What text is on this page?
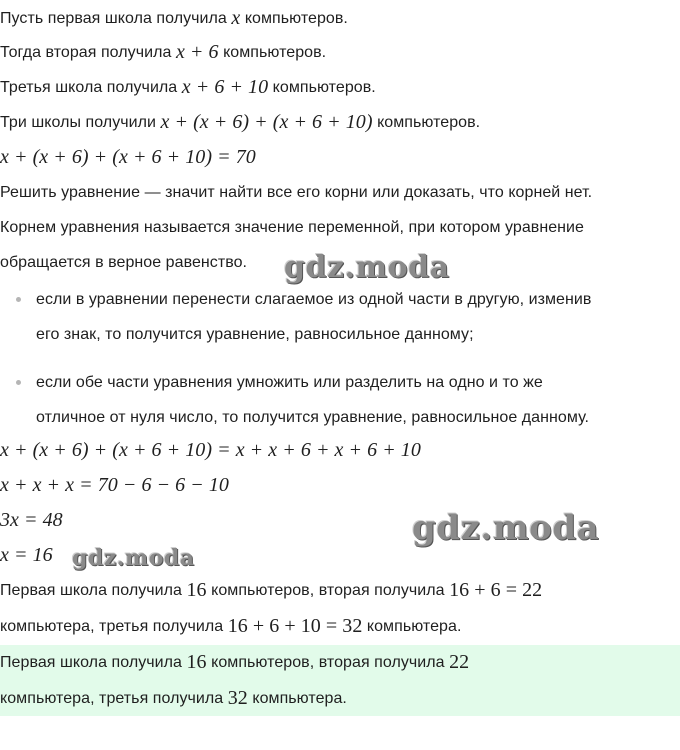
Пусть первая школа получила
x
компьютеров.
Тогда вторая получила
x + 6
компьютеров.
Третья школа получила
x + 6 + 10
компьютеров.
Три школы получили
x + (x + 6) + (x + 6 + 10)
компьютеров.
x + (x + 6) + (x + 6 + 10) = 70
Решить уравнение — значит найти все его корни или доказать, что корней нет.
Корнем уравнения называется значение переменной, при котором уравнение
обращается в верное равенство.
если в уравнении перенести слагаемое из одной части в другую, изменив
его знак, то получится уравнение, равносильное данному;
если обе части уравнения умножить или разделить на одно и то же
отличное от нуля число, то получится уравнение, равносильное данному.
x + (x + 6) + (x + 6 + 10) = x + x + 6 + x + 6 + 10
x + x + x = 70 − 6 − 6 − 10
3x = 48
x = 16
Первая школа получила
16
компьютеров, вторая получила
16 + 6 = 22
компьютера, третья получила
16 + 6 + 10 = 32
компьютера.
Первая школа получила
16
компьютеров, вторая получила
22
компьютера, третья получила
32
компьютера.
gdz.moda
gdz.moda
gdz.moda
